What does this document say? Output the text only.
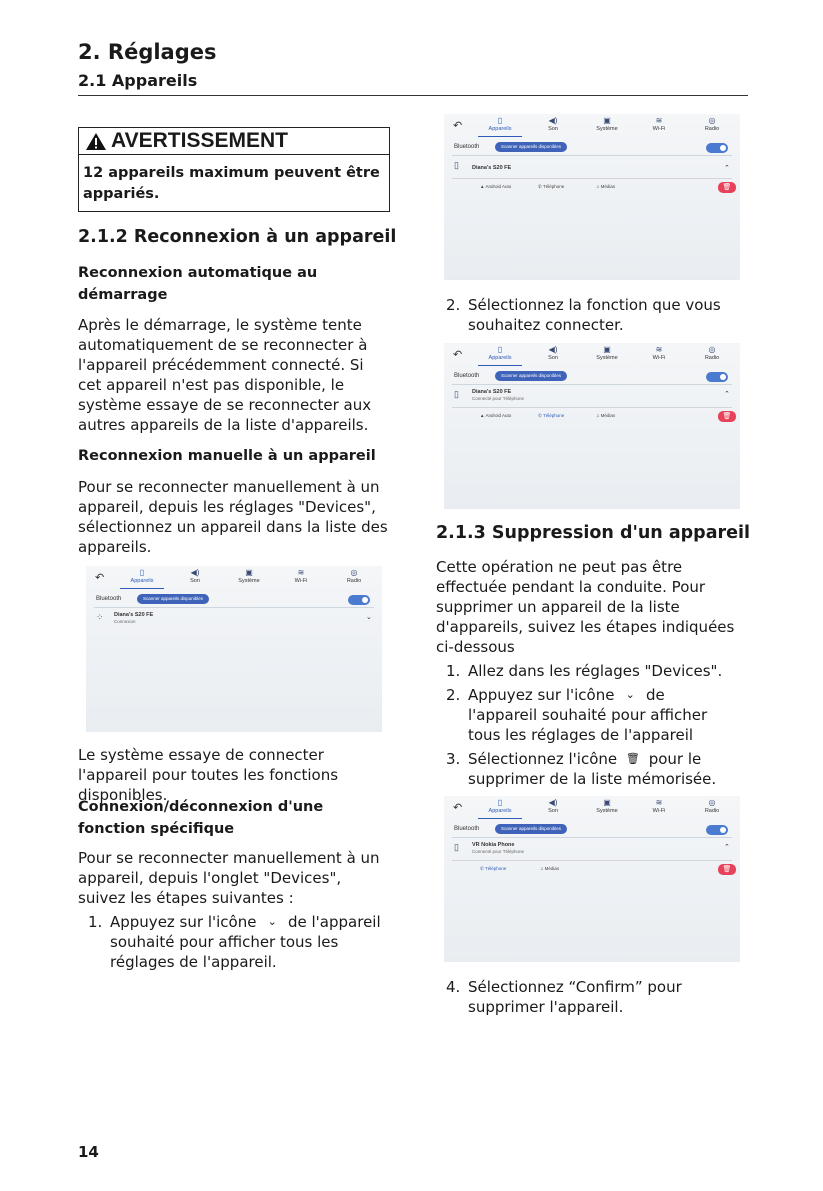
2. Réglages
2.1 Appareils
AVERTISSEMENT
12 appareils maximum peuvent être appariés.
2.1.2 Reconnexion à un appareil
Reconnexion automatique au démarrage
Après le démarrage, le système tente automatiquement de se reconnecter à l'appareil précédemment connecté. Si cet appareil n'est pas disponible, le système essaye de se reconnecter aux autres appareils de la liste d'appareils.
Reconnexion manuelle à un appareil
Pour se reconnecter manuellement à un appareil, depuis les réglages "Devices", sélectionnez un appareil dans la liste des appareils.
↶	▯
Appareils
◀)
Son
▣
Système
≋
Wi-Fi
◎
Radio
Bluetooth	Scanner appareils disponibles
⁘ Diana's S20 FE
Connexion
⌄
Le système essaye de connecter l'appareil pour toutes les fonctions disponibles.
Connexion/déconnexion d'une fonction spécifique
Pour se reconnecter manuellement à un appareil, depuis l'onglet "Devices", suivez les étapes suivantes :
1. Appuyez sur l'icône ⌄ de l'appareil souhaité pour afficher tous les réglages de l'appareil.
↶	▯
Appareils
◀)
Son
▣
Système
≋
Wi-Fi
◎
Radio
Bluetooth	Scanner appareils disponibles
▯ Diana's S20 FE	⌃
▲ Android Auto	✆ Téléphone	♫ Médias	🗑
2. Sélectionnez la fonction que vous souhaitez connecter.
↶	▯
Appareils
◀)
Son
▣
Système
≋
Wi-Fi
◎
Radio
Bluetooth	Scanner appareils disponibles
▯ Diana's S20 FE
Connecté pour Téléphone
⌃
▲ Android Auto	✆ Téléphone	♫ Médias	🗑
2.1.3 Suppression d'un appareil
Cette opération ne peut pas être effectuée pendant la conduite. Pour supprimer un appareil de la liste d'appareils, suivez les étapes indiquées ci-dessous
1. Allez dans les réglages "Devices".
2. Appuyez sur l'icône ⌄ de l'appareil souhaité pour afficher tous les réglages de l'appareil
3. Sélectionnez l'icône 🗑 pour le supprimer de la liste mémorisée.
↶	▯
Appareils
◀)
Son
▣
Système
≋
Wi-Fi
◎
Radio
Bluetooth	Scanner appareils disponibles
▯ VR Nokia Phone
Connecté pour Téléphone
⌃
✆ Téléphone	♫ Médias	🗑
4. Sélectionnez “Confirm” pour supprimer l'appareil.
14
